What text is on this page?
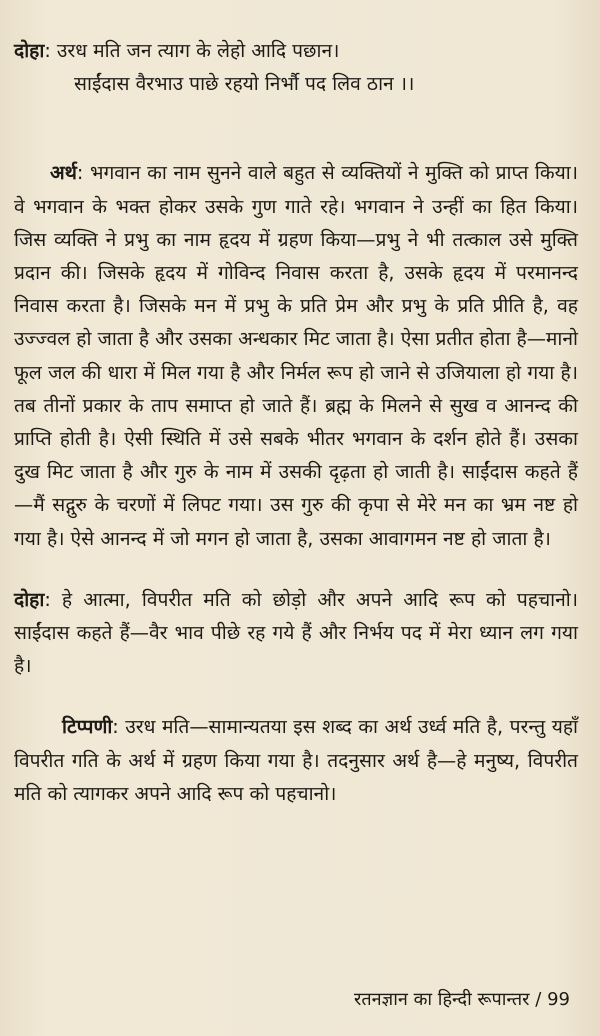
दोहा: उरध मति जन त्याग के लेहो आदि पछान।
साईंदास वैरभाउ पाछे रहयो निर्भौ पद लिव ठान ।।
अर्थ: भगवान का नाम सुनने वाले बहुत से व्यक्तियों ने मुक्ति को प्राप्त किया। वे भगवान के भक्त होकर उसके गुण गाते रहे। भगवान ने उन्हीं का हित किया। जिस व्यक्ति ने प्रभु का नाम हृदय में ग्रहण किया—प्रभु ने भी तत्काल उसे मुक्ति प्रदान की। जिसके हृदय में गोविन्द निवास करता है, उसके हृदय में परमानन्द निवास करता है। जिसके मन में प्रभु के प्रति प्रेम और प्रभु के प्रति प्रीति है, वह उज्ज्वल हो जाता है और उसका अन्धकार मिट जाता है। ऐसा प्रतीत होता है—मानो फूल जल की धारा में मिल गया है और निर्मल रूप हो जाने से उजियाला हो गया है। तब तीनों प्रकार के ताप समाप्त हो जाते हैं। ब्रह्म के मिलने से सुख व आनन्द की प्राप्ति होती है। ऐसी स्थिति में उसे सबके भीतर भगवान के दर्शन होते हैं। उसका दुख मिट जाता है और गुरु के नाम में उसकी दृढ़ता हो जाती है। साईंदास कहते हैं—मैं सद्गुरु के चरणों में लिपट गया। उस गुरु की कृपा से मेरे मन का भ्रम नष्ट हो गया है। ऐसे आनन्द में जो मगन हो जाता है, उसका आवागमन नष्ट हो जाता है।
दोहा: हे आत्मा, विपरीत मति को छोड़ो और अपने आदि रूप को पहचानो। साईंदास कहते हैं—वैर भाव पीछे रह गये हैं और निर्भय पद में मेरा ध्यान लग गया है।
टिप्पणी: उरध मति—सामान्यतया इस शब्द का अर्थ उर्ध्व मति है, परन्तु यहाँ विपरीत गति के अर्थ में ग्रहण किया गया है। तदनुसार अर्थ है—हे मनुष्य, विपरीत मति को त्यागकर अपने आदि रूप को पहचानो।
रतनज्ञान का हिन्दी रूपान्तर / 99
